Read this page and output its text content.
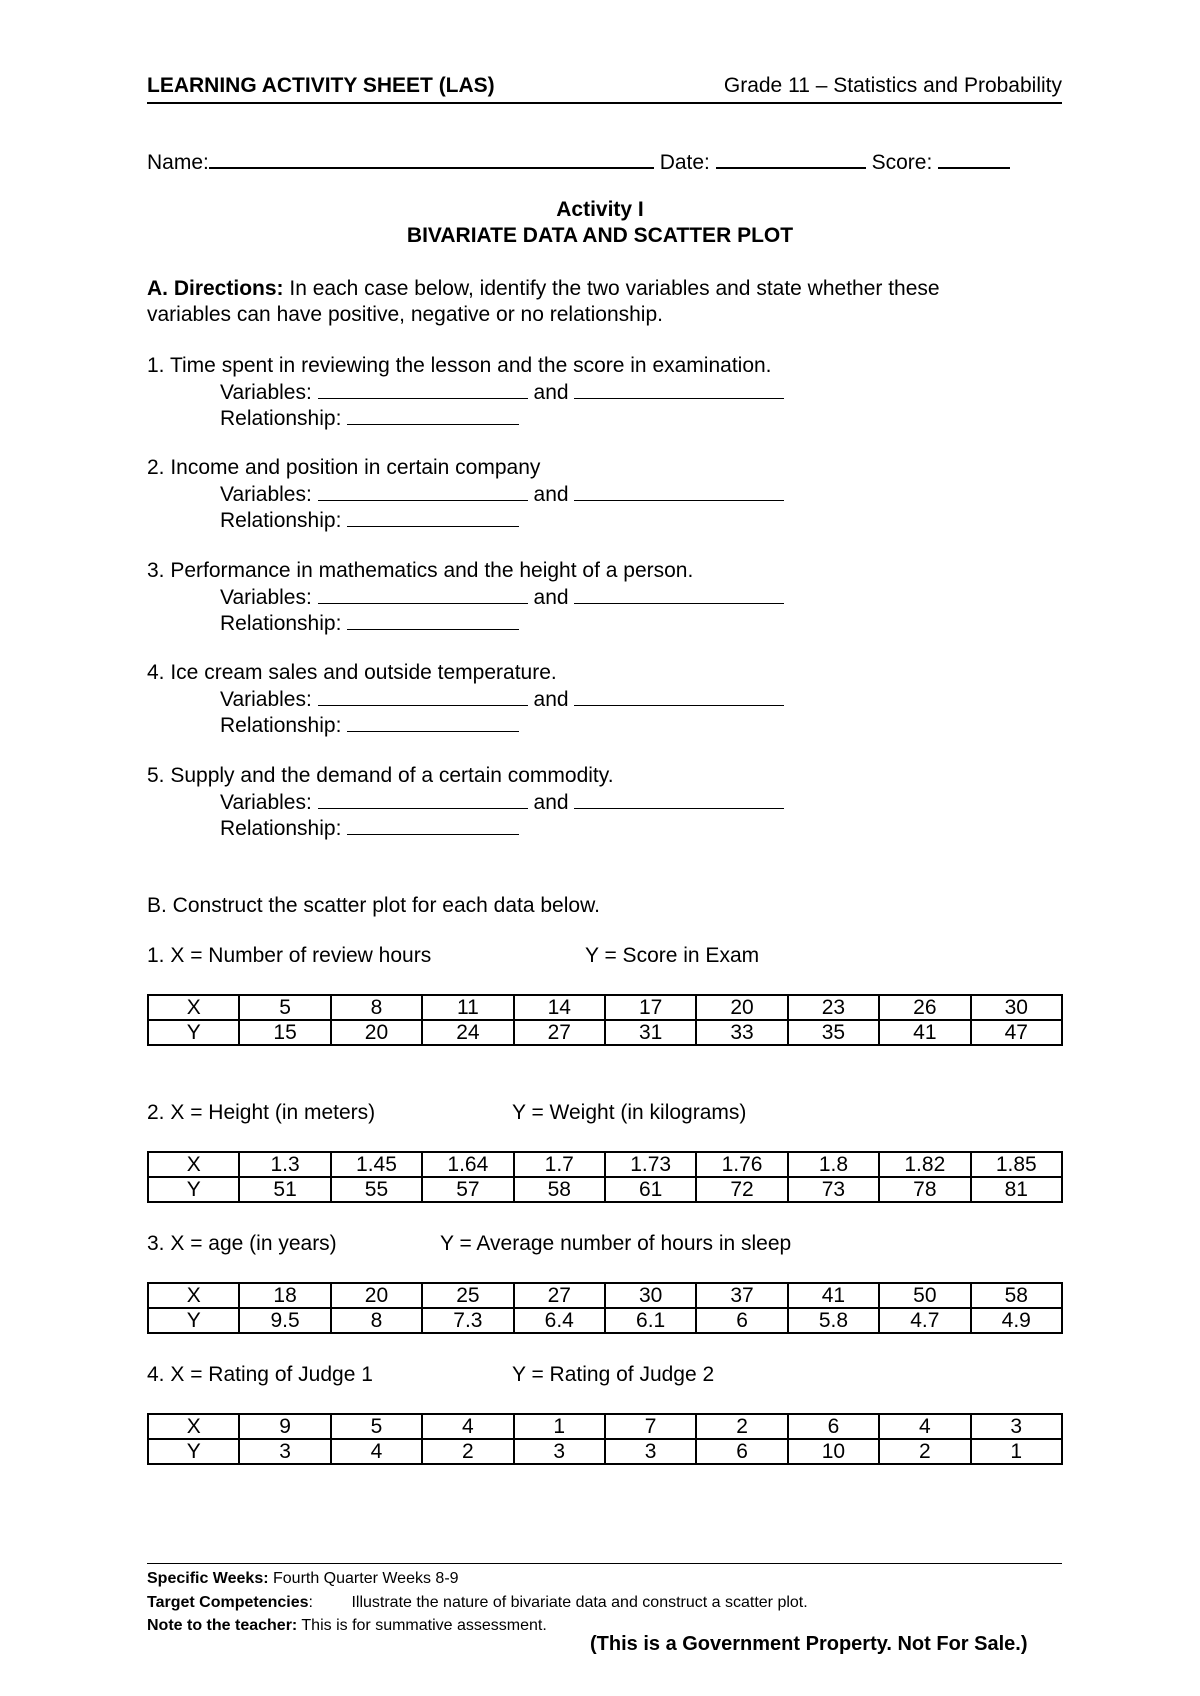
LEARNING ACTIVITY SHEET (LAS)	Grade 11 – Statistics and Probability
Name:	Date:	Score:
Activity I
BIVARIATE DATA AND SCATTER PLOT
A. Directions: In each case below, identify the two variables and state whether these
variables can have positive, negative or no relationship.
1. Time spent in reviewing the lesson and the score in examination.
Variables:	and
Relationship:
2. Income and position in certain company
Variables:	and
Relationship:
3. Performance in mathematics and the height of a person.
Variables:	and
Relationship:
4. Ice cream sales and outside temperature.
Variables:	and
Relationship:
5. Supply and the demand of a certain commodity.
Variables:	and
Relationship:
B. Construct the scatter plot for each data below.
1. X = Number of review hours	Y = Score in Exam
X	5	8	11	14	17	20	23	26	30
Y	15	20	24	27	31	33	35	41	47
2. X = Height (in meters)	Y = Weight (in kilograms)
X	1.3	1.45	1.64	1.7	1.73	1.76	1.8	1.82	1.85
Y	51	55	57	58	61	72	73	78	81
3. X = age (in years)	Y = Average number of hours in sleep
X	18	20	25	27	30	37	41	50	58
Y	9.5	8	7.3	6.4	6.1	6	5.8	4.7	4.9
4. X = Rating of Judge 1	Y = Rating of Judge 2
X	9	5	4	1	7	2	6	4	3
Y	3	4	2	3	3	6	10	2	1
Specific Weeks: Fourth Quarter Weeks 8-9
Target Competencies: Illustrate the nature of bivariate data and construct a scatter plot.
Note to the teacher: This is for summative assessment.
(This is a Government Property. Not For Sale.)
